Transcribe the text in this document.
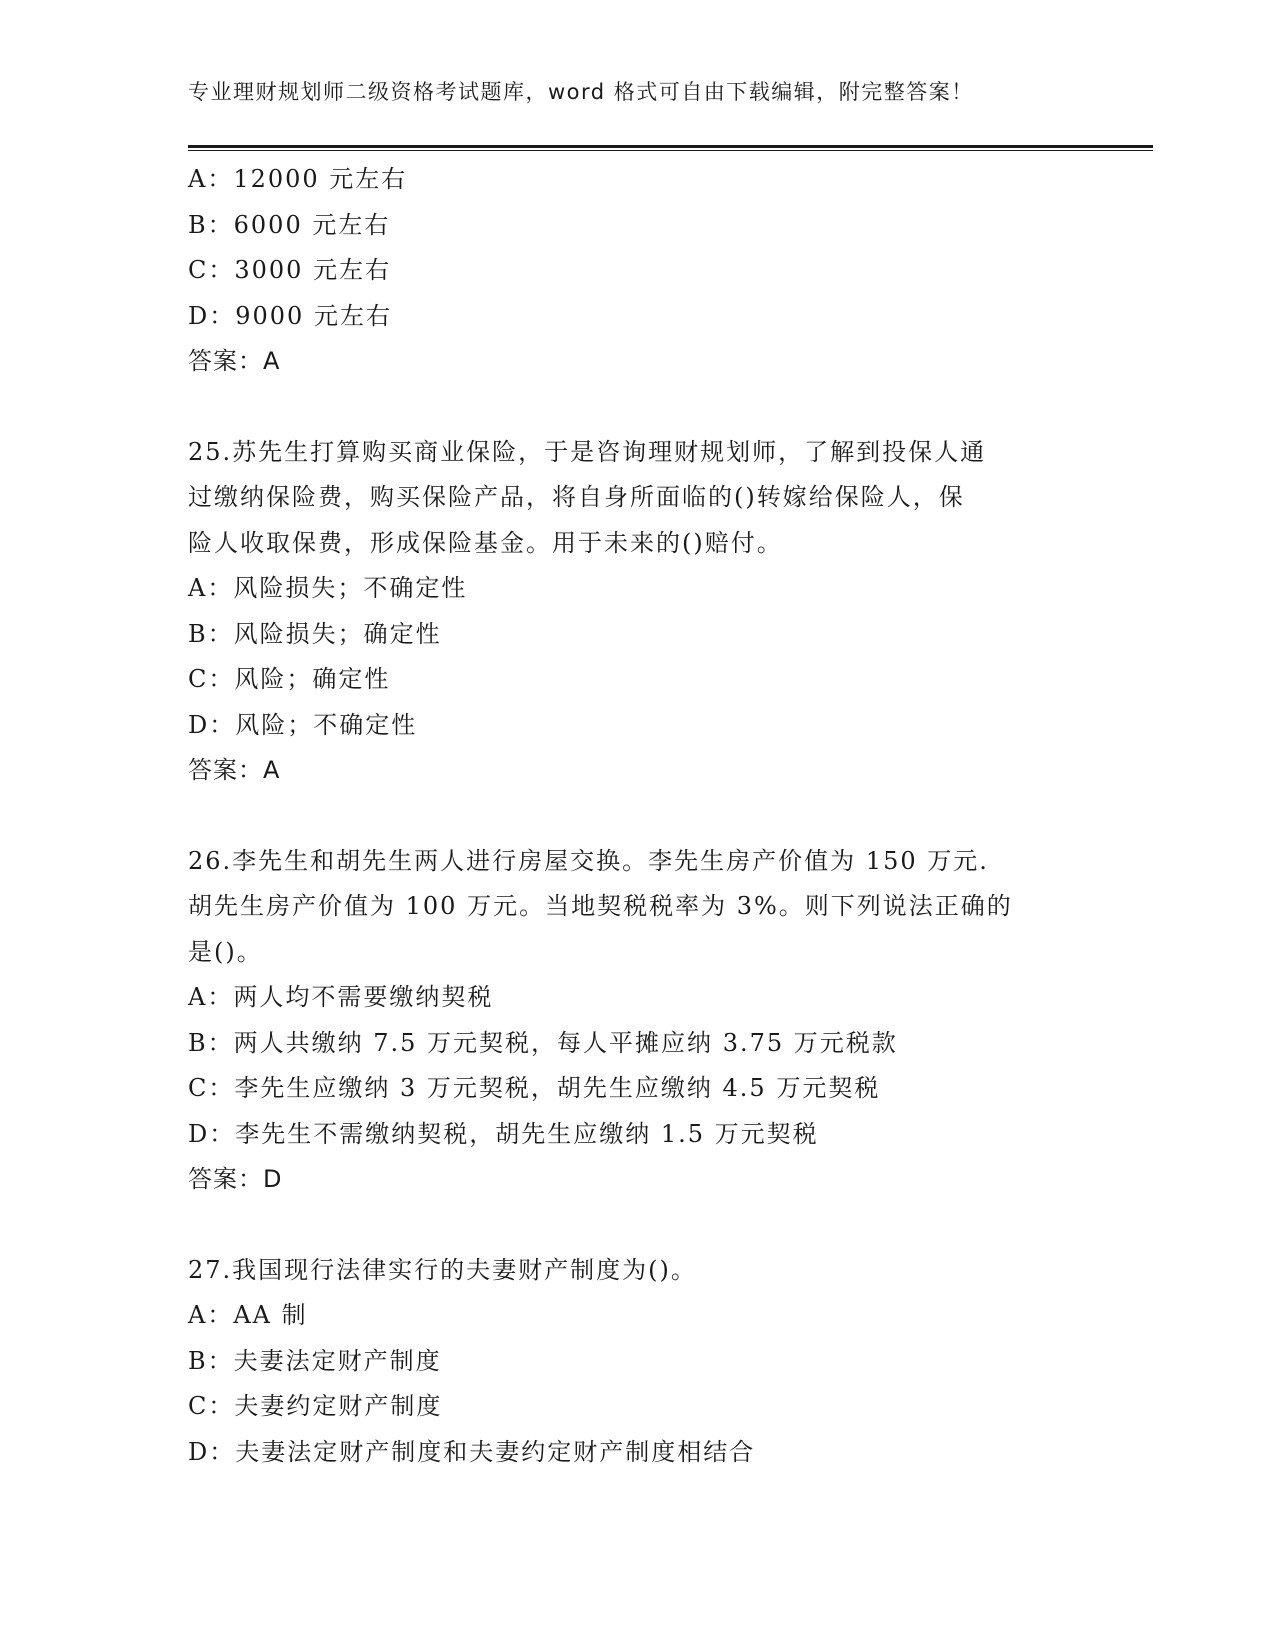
专业理财规划师二级资格考试题库，word 格式可自由下载编辑，附完整答案！
A：12000 元左右
B：6000 元左右
C：3000 元左右
D：9000 元左右
答案：A
25.苏先生打算购买商业保险，于是咨询理财规划师，了解到投保人通
过缴纳保险费，购买保险产品，将自身所面临的()转嫁给保险人，保
险人收取保费，形成保险基金。用于未来的()赔付。
A：风险损失；不确定性
B：风险损失；确定性
C：风险；确定性
D：风险；不确定性
答案：A
26.李先生和胡先生两人进行房屋交换。李先生房产价值为 150 万元.
胡先生房产价值为 100 万元。当地契税税率为 3%。则下列说法正确的
是()。
A：两人均不需要缴纳契税
B：两人共缴纳 7.5 万元契税，每人平摊应纳 3.75 万元税款
C：李先生应缴纳 3 万元契税，胡先生应缴纳 4.5 万元契税
D：李先生不需缴纳契税，胡先生应缴纳 1.5 万元契税
答案：D
27.我国现行法律实行的夫妻财产制度为()。
A：AA 制
B：夫妻法定财产制度
C：夫妻约定财产制度
D：夫妻法定财产制度和夫妻约定财产制度相结合
